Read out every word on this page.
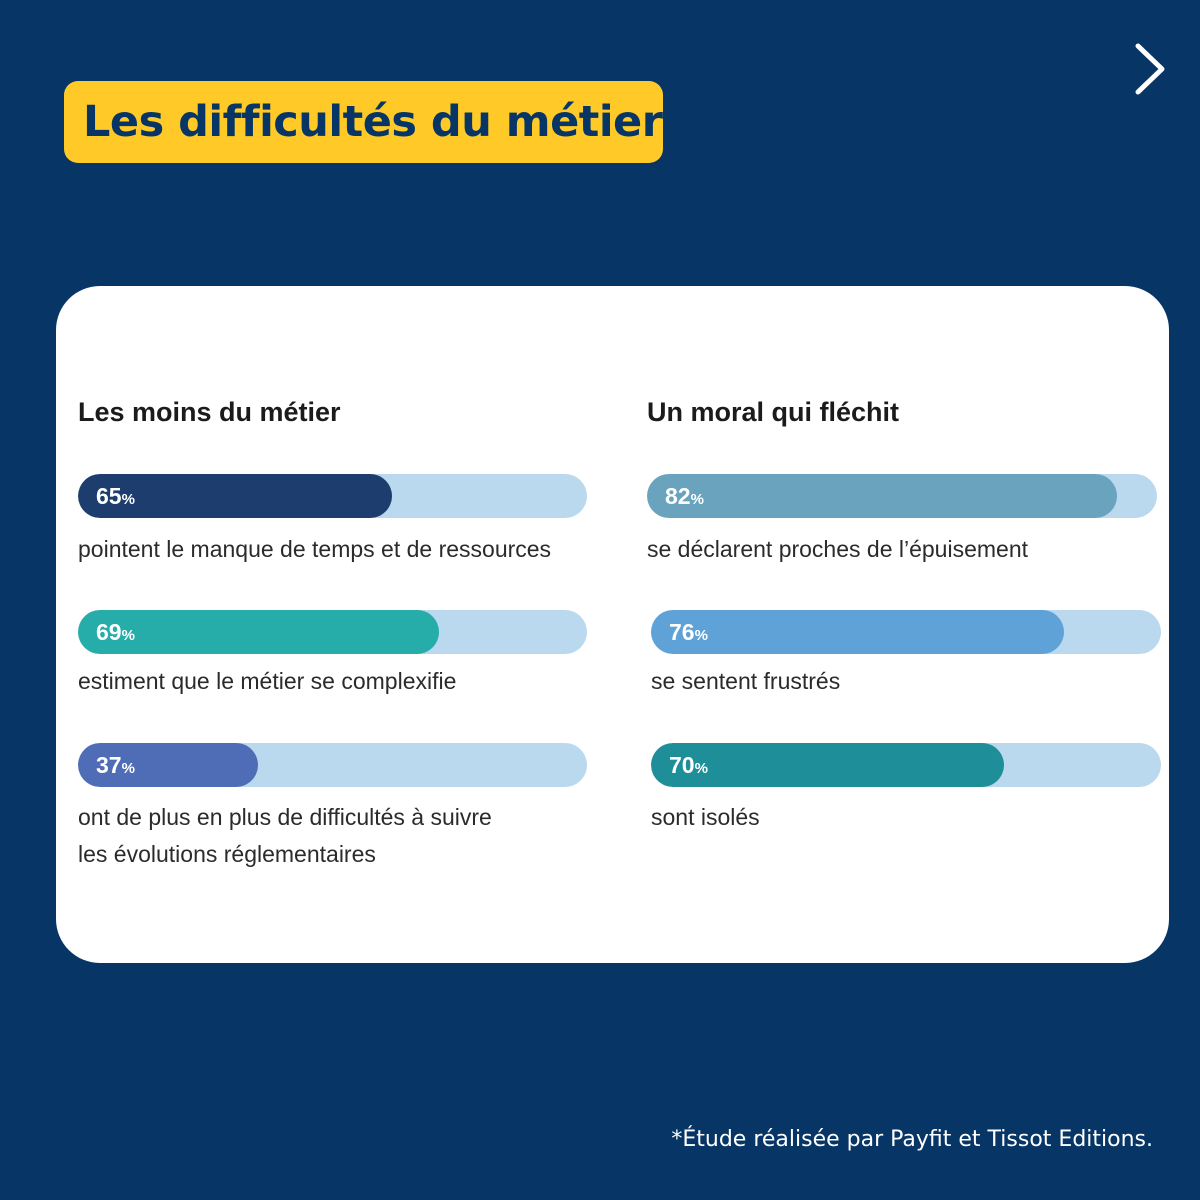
Les difficultés du métier
Les moins du métier	Un moral qui fléchit
65%
pointent le manque de temps et de ressources
69%
estiment que le métier se complexifie
37%
ont de plus en plus de difficultés à suivre
les évolutions réglementaires
82%
se déclarent proches de l’épuisement
76%
se sentent frustrés
70%
sont isolés
*Étude réalisée par Payfit et Tissot Editions.
